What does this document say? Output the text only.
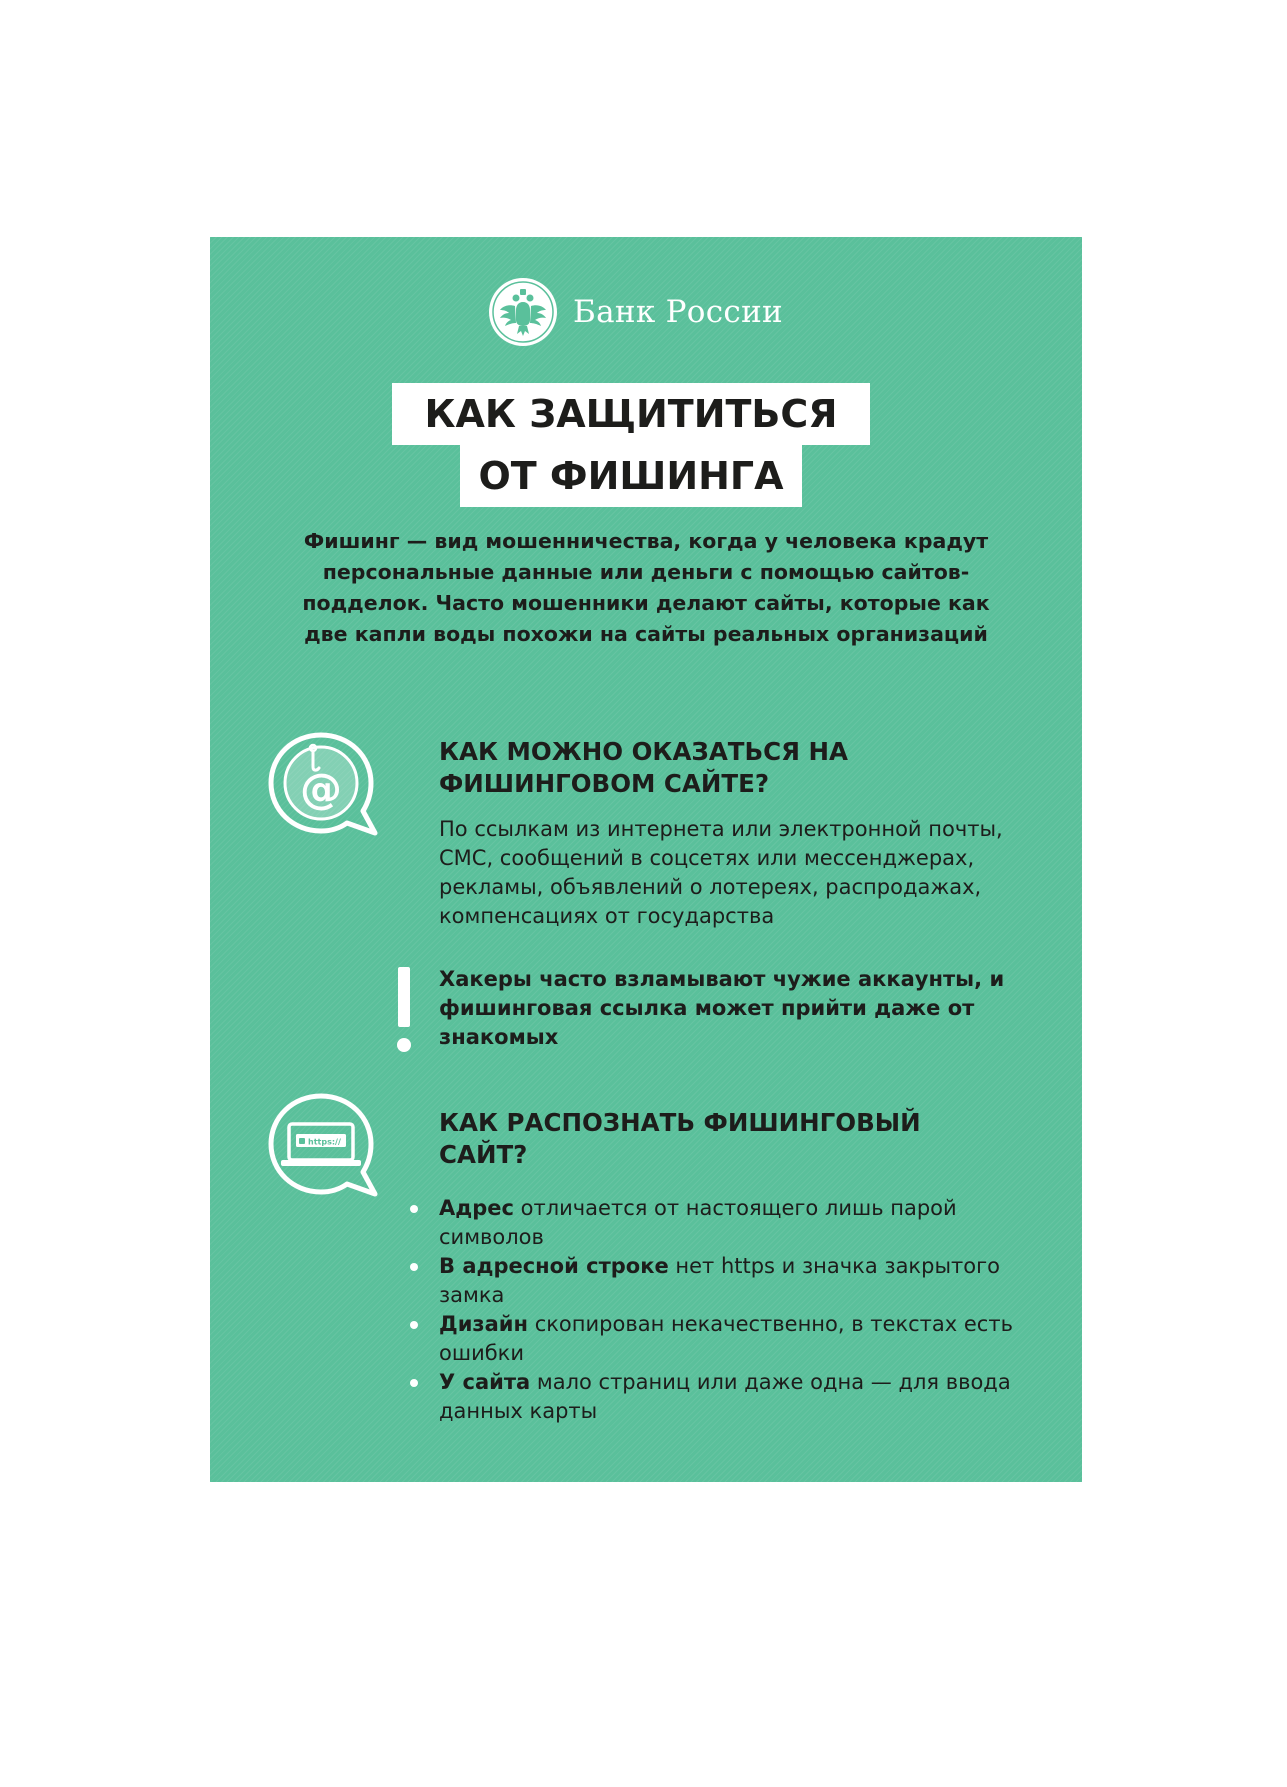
Банк России
КАК ЗАЩИТИТЬСЯ
ОТ ФИШИНГА
Фишинг — вид мошенничества, когда у человека крадут персональные данные или деньги с помощью сайтов-подделок. Часто мошенники делают сайты, которые как две капли воды похожи на сайты реальных организаций
@
КАК МОЖНО ОКАЗАТЬСЯ НА ФИШИНГОВОМ САЙТЕ?
По ссылкам из интернета или электронной почты, СМС, сообщений в соцсетях или мессенджерах, рекламы, объявлений о лотереях, распродажах, компенсациях от государства
Хакеры часто взламывают чужие аккаунты, и фишинговая ссылка может прийти даже от знакомых
https://
КАК РАСПОЗНАТЬ ФИШИНГОВЫЙ САЙТ?
Адрес отличается от настоящего лишь парой символов
В адресной строке нет https и значка закрытого замка
Дизайн скопирован некачественно, в текстах есть ошибки
У сайта мало страниц или даже одна — для ввода данных карты
